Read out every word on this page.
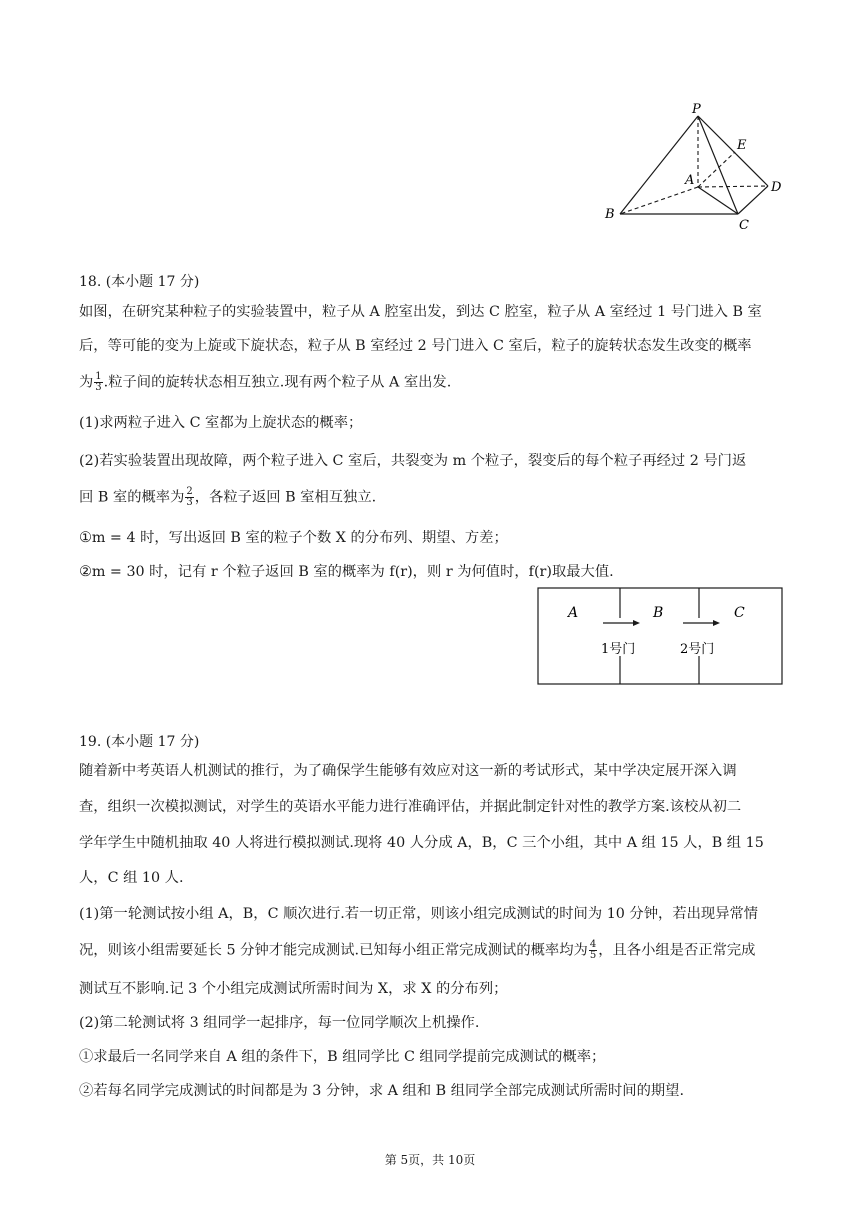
P
E
A	D
B
C
18. (本小题 17 分)
如图，在研究某种粒子的实验装置中，粒子从 A 腔室出发，到达 C 腔室，粒子从 A 室经过 1 号门进入 B 室
后，等可能的变为上旋或下旋状态，粒子从 B 室经过 2 号门进入 C 室后，粒子的旋转状态发生改变的概率
为 $\frac{1}{3}$ .粒子间的旋转状态相互独立.现有两个粒子从 A 室出发.
(1)求两粒子进入 C 室都为上旋状态的概率；
(2)若实验装置出现故障，两个粒子进入 C 室后，共裂变为 m 个粒子，裂变后的每个粒子再经过 2 号门返
回 B 室的概率为 $\frac{2}{3}$ ，各粒子返回 B 室相互独立.
①m = 4 时，写出返回 B 室的粒子个数 X 的分布列、期望、方差；
②m = 30 时，记有 r 个粒子返回 B 室的概率为 f(r)，则 r 为何值时，f(r)取最大值.
A	B	C
1号门	2号门
19. (本小题 17 分)
随着新中考英语人机测试的推行，为了确保学生能够有效应对这一新的考试形式，某中学决定展开深入调
查，组织一次模拟测试，对学生的英语水平能力进行准确评估，并据此制定针对性的教学方案.该校从初二
学年学生中随机抽取 40 人将进行模拟测试.现将 40 人分成 A，B，C 三个小组，其中 A 组 15 人，B 组 15
人，C 组 10 人.
(1)第一轮测试按小组 A，B，C 顺次进行.若一切正常，则该小组完成测试的时间为 10 分钟，若出现异常情
况，则该小组需要延长 5 分钟才能完成测试.已知每小组正常完成测试的概率均为 $\frac{4}{5}$ ，且各小组是否正常完成
测试互不影响.记 3 个小组完成测试所需时间为 X，求 X 的分布列；
(2)第二轮测试将 3 组同学一起排序，每一位同学顺次上机操作.
①求最后一名同学来自 A 组的条件下，B 组同学比 C 组同学提前完成测试的概率；
②若每名同学完成测试的时间都是为 3 分钟，求 A 组和 B 组同学全部完成测试所需时间的期望.
第 5页，共 10页
